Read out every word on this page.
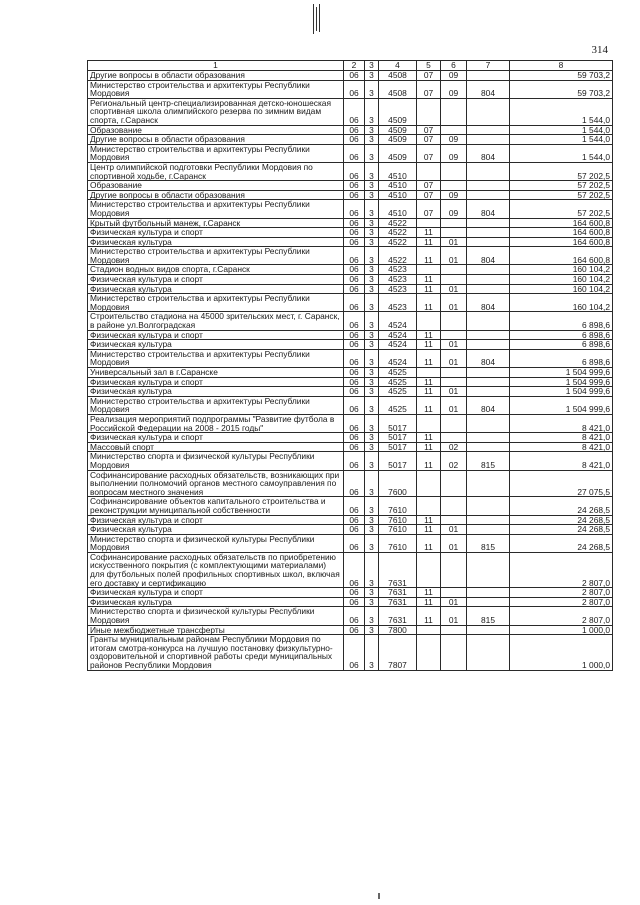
314
1	2	3	4	5	6	7	8
Другие вопросы в области образования	06	3	4508	07	09		59 703,2
Министерство строительства и архитектуры Республики Мордовия	06	3	4508	07	09	804	59 703,2
Региональный центр-специализированная детско-юношеская спортивная школа олимпийского резерва по зимним видам спорта, г.Саранск	06	3	4509				1 544,0
Образование	06	3	4509	07			1 544,0
Другие вопросы в области образования	06	3	4509	07	09		1 544,0
Министерство строительства и архитектуры Республики Мордовия	06	3	4509	07	09	804	1 544,0
Центр олимпийской подготовки Республики Мордовия по спортивной ходьбе, г.Саранск	06	3	4510				57 202,5
Образование	06	3	4510	07			57 202,5
Другие вопросы в области образования	06	3	4510	07	09		57 202,5
Министерство строительства и архитектуры Республики Мордовия	06	3	4510	07	09	804	57 202,5
Крытый футбольный манеж, г.Саранск	06	3	4522				164 600,8
Физическая культура и спорт	06	3	4522	11			164 600,8
Физическая культура	06	3	4522	11	01		164 600,8
Министерство строительства и архитектуры Республики Мордовия	06	3	4522	11	01	804	164 600,8
Стадион водных видов спорта, г.Саранск	06	3	4523				160 104,2
Физическая культура и спорт	06	3	4523	11			160 104,2
Физическая культура	06	3	4523	11	01		160 104,2
Министерство строительства и архитектуры Республики Мордовия	06	3	4523	11	01	804	160 104,2
Строительство стадиона на 45000 зрительских мест, г. Саранск, в районе ул.Волгоградская	06	3	4524				6 898,6
Физическая культура и спорт	06	3	4524	11			6 898,6
Физическая культура	06	3	4524	11	01		6 898,6
Министерство строительства и архитектуры Республики Мордовия	06	3	4524	11	01	804	6 898,6
Универсальный зал в г.Саранске	06	3	4525				1 504 999,6
Физическая культура и спорт	06	3	4525	11			1 504 999,6
Физическая культура	06	3	4525	11	01		1 504 999,6
Министерство строительства и архитектуры Республики Мордовия	06	3	4525	11	01	804	1 504 999,6
Реализация мероприятий подпрограммы "Развитие футбола в Российской Федерации на 2008 - 2015 годы"	06	3	5017				8 421,0
Физическая культура и спорт	06	3	5017	11			8 421,0
Массовый спорт	06	3	5017	11	02		8 421,0
Министерство спорта и физической культуры Республики Мордовия	06	3	5017	11	02	815	8 421,0
Софинансирование расходных обязательств, возникающих при выполнении полномочий органов местного самоуправления по вопросам местного значения	06	3	7600				27 075,5
Софинансирование объектов капитального строительства и реконструкции муниципальной собственности	06	3	7610				24 268,5
Физическая культура и спорт	06	3	7610	11			24 268,5
Физическая культура	06	3	7610	11	01		24 268,5
Министерство спорта и физической культуры Республики Мордовия	06	3	7610	11	01	815	24 268,5
Софинансирование расходных обязательств по приобретению искусственного покрытия (с комплектующими материалами) для футбольных полей профильных спортивных школ, включая его доставку и сертификацию	06	3	7631				2 807,0
Физическая культура и спорт	06	3	7631	11			2 807,0
Физическая культура	06	3	7631	11	01		2 807,0
Министерство спорта и физической культуры Республики Мордовия	06	3	7631	11	01	815	2 807,0
Иные межбюджетные трансферты	06	3	7800				1 000,0
Гранты муниципальным районам Республики Мордовия по итогам смотра-конкурса на лучшую постановку физкультурно-оздоровительной и спортивной работы среди муниципальных районов Республики Мордовия	06	3	7807				1 000,0
